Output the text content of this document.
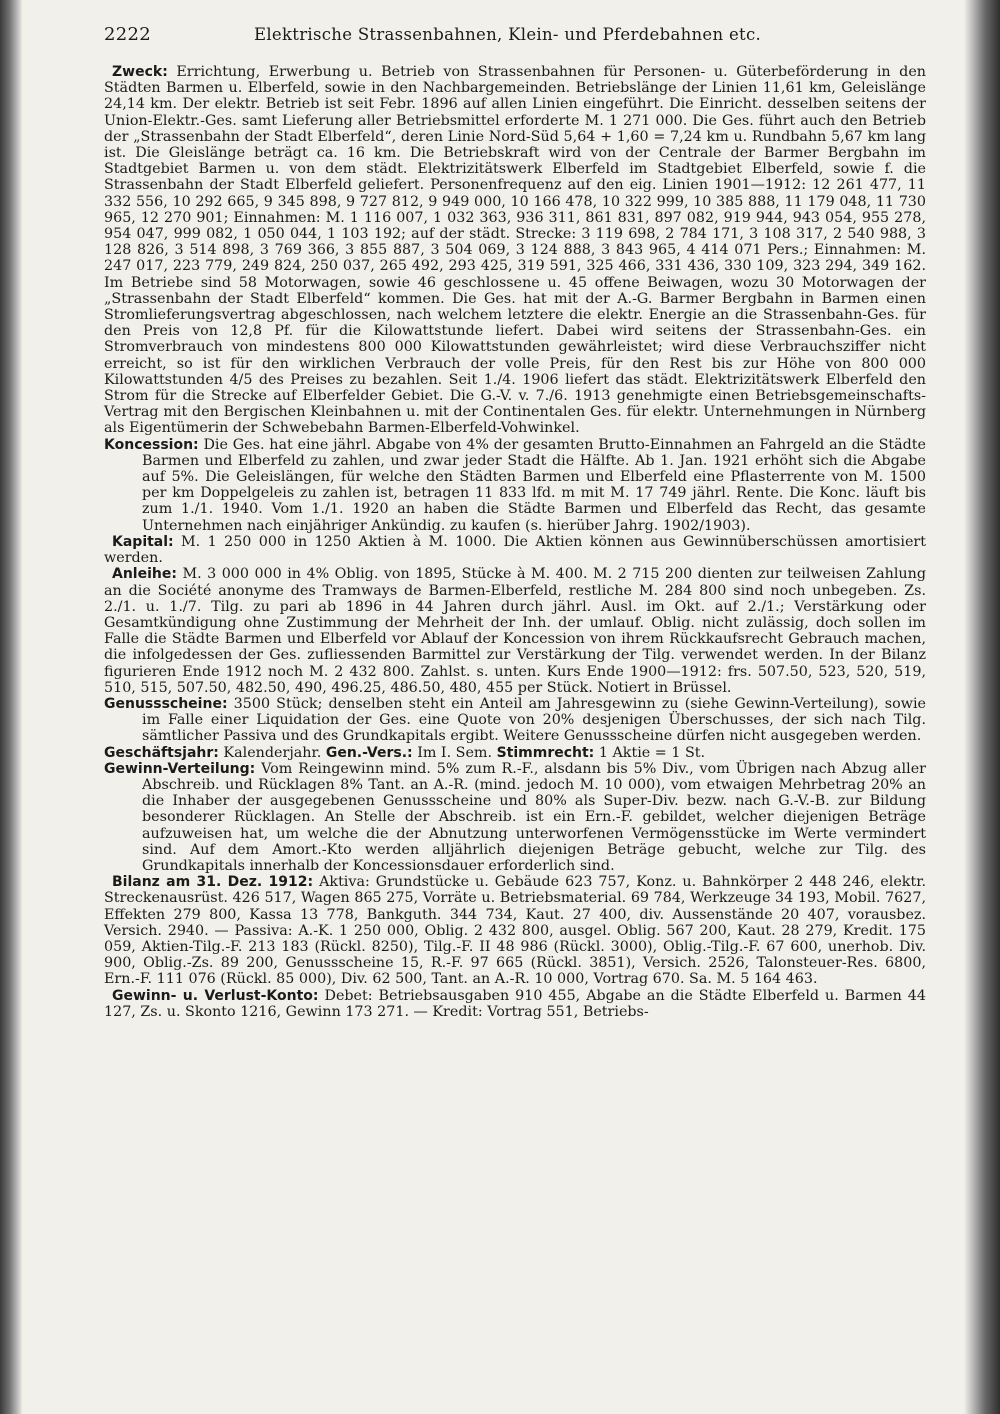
2222	Elektrische Strassenbahnen, Klein- und Pferdebahnen etc.

Zweck: Errichtung, Erwerbung u. Betrieb von Strassenbahnen für Personen- u. Güterbeförderung in den Städten Barmen u. Elberfeld, sowie in den Nachbargemeinden. Betriebslänge der Linien 11,61 km, Geleislänge 24,14 km. Der elektr. Betrieb ist seit Febr. 1896 auf allen Linien eingeführt. Die Einricht. desselben seitens der Union-Elektr.-Ges. samt Lieferung aller Betriebsmittel erforderte M. 1 271 000. Die Ges. führt auch den Betrieb der „Strassenbahn der Stadt Elberfeld“, deren Linie Nord-Süd 5,64 + 1,60 = 7,24 km u. Rundbahn 5,67 km lang ist. Die Gleislänge beträgt ca. 16 km. Die Betriebskraft wird von der Centrale der Barmer Bergbahn im Stadtgebiet Barmen u. von dem städt. Elektrizitätswerk Elberfeld im Stadtgebiet Elberfeld, sowie f. die Strassenbahn der Stadt Elberfeld geliefert. Personenfrequenz auf den eig. Linien 1901—1912: 12 261 477, 11 332 556, 10 292 665, 9 345 898, 9 727 812, 9 949 000, 10 166 478, 10 322 999, 10 385 888, 11 179 048, 11 730 965, 12 270 901; Einnahmen: M. 1 116 007, 1 032 363, 936 311, 861 831, 897 082, 919 944, 943 054, 955 278, 954 047, 999 082, 1 050 044, 1 103 192; auf der städt. Strecke: 3 119 698, 2 784 171, 3 108 317, 2 540 988, 3 128 826, 3 514 898, 3 769 366, 3 855 887, 3 504 069, 3 124 888, 3 843 965, 4 414 071 Pers.; Einnahmen: M. 247 017, 223 779, 249 824, 250 037, 265 492, 293 425, 319 591, 325 466, 331 436, 330 109, 323 294, 349 162. Im Betriebe sind 58 Motorwagen, sowie 46 geschlossene u. 45 offene Beiwagen, wozu 30 Motorwagen der „Strassenbahn der Stadt Elberfeld“ kommen. Die Ges. hat mit der A.-G. Barmer Bergbahn in Barmen einen Stromlieferungsvertrag abgeschlossen, nach welchem letztere die elektr. Energie an die Strassenbahn-Ges. für den Preis von 12,8 Pf. für die Kilowattstunde liefert. Dabei wird seitens der Strassenbahn-Ges. ein Stromverbrauch von mindestens 800 000 Kilowattstunden gewährleistet; wird diese Verbrauchsziffer nicht erreicht, so ist für den wirklichen Verbrauch der volle Preis, für den Rest bis zur Höhe von 800 000 Kilowattstunden 4/5 des Preises zu bezahlen. Seit 1./4. 1906 liefert das städt. Elektrizitätswerk Elberfeld den Strom für die Strecke auf Elberfelder Gebiet. Die G.-V. v. 7./6. 1913 genehmigte einen Betriebsgemeinschafts-Vertrag mit den Bergischen Kleinbahnen u. mit der Continentalen Ges. für elektr. Unternehmungen in Nürnberg als Eigentümerin der Schwebebahn Barmen-Elberfeld-Vohwinkel.

Koncession: Die Ges. hat eine jährl. Abgabe von 4% der gesamten Brutto-Einnahmen an Fahrgeld an die Städte Barmen und Elberfeld zu zahlen, und zwar jeder Stadt die Hälfte. Ab 1. Jan. 1921 erhöht sich die Abgabe auf 5%. Die Geleislängen, für welche den Städten Barmen und Elberfeld eine Pflasterrente von M. 1500 per km Doppelgeleis zu zahlen ist, betragen 11 833 lfd. m mit M. 17 749 jährl. Rente. Die Konc. läuft bis zum 1./1. 1940. Vom 1./1. 1920 an haben die Städte Barmen und Elberfeld das Recht, das gesamte Unternehmen nach einjähriger Ankündig. zu kaufen (s. hierüber Jahrg. 1902/1903).

Kapital: M. 1 250 000 in 1250 Aktien à M. 1000. Die Aktien können aus Gewinnüberschüssen amortisiert werden.

Anleihe: M. 3 000 000 in 4% Oblig. von 1895, Stücke à M. 400. M. 2 715 200 dienten zur teilweisen Zahlung an die Société anonyme des Tramways de Barmen-Elberfeld, restliche M. 284 800 sind noch unbegeben. Zs. 2./1. u. 1./7. Tilg. zu pari ab 1896 in 44 Jahren durch jährl. Ausl. im Okt. auf 2./1.; Verstärkung oder Gesamtkündigung ohne Zustimmung der Mehrheit der Inh. der umlauf. Oblig. nicht zulässig, doch sollen im Falle die Städte Barmen und Elberfeld vor Ablauf der Koncession von ihrem Rückkaufsrecht Gebrauch machen, die infolgedessen der Ges. zufliessenden Barmittel zur Verstärkung der Tilg. verwendet werden. In der Bilanz figurieren Ende 1912 noch M. 2 432 800. Zahlst. s. unten. Kurs Ende 1900—1912: frs. 507.50, 523, 520, 519, 510, 515, 507.50, 482.50, 490, 496.25, 486.50, 480, 455 per Stück. Notiert in Brüssel.

Genussscheine: 3500 Stück; denselben steht ein Anteil am Jahresgewinn zu (siehe Gewinn-Verteilung), sowie im Falle einer Liquidation der Ges. eine Quote von 20% desjenigen Überschusses, der sich nach Tilg. sämtlicher Passiva und des Grundkapitals ergibt. Weitere Genussscheine dürfen nicht ausgegeben werden.

Geschäftsjahr: Kalenderjahr. Gen.-Vers.: Im I. Sem. Stimmrecht: 1 Aktie = 1 St.

Gewinn-Verteilung: Vom Reingewinn mind. 5% zum R.-F., alsdann bis 5% Div., vom Übrigen nach Abzug aller Abschreib. und Rücklagen 8% Tant. an A.-R. (mind. jedoch M. 10 000), vom etwaigen Mehrbetrag 20% an die Inhaber der ausgegebenen Genussscheine und 80% als Super-Div. bezw. nach G.-V.-B. zur Bildung besonderer Rücklagen. An Stelle der Abschreib. ist ein Ern.-F. gebildet, welcher diejenigen Beträge aufzuweisen hat, um welche die der Abnutzung unterworfenen Vermögensstücke im Werte vermindert sind. Auf dem Amort.-Kto werden alljährlich diejenigen Beträge gebucht, welche zur Tilg. des Grundkapitals innerhalb der Koncessionsdauer erforderlich sind.

Bilanz am 31. Dez. 1912: Aktiva: Grundstücke u. Gebäude 623 757, Konz. u. Bahnkörper 2 448 246, elektr. Streckenausrüst. 426 517, Wagen 865 275, Vorräte u. Betriebsmaterial. 69 784, Werkzeuge 34 193, Mobil. 7627, Effekten 279 800, Kassa 13 778, Bankguth. 344 734, Kaut. 27 400, div. Aussenstände 20 407, vorausbez. Versich. 2940. — Passiva: A.-K. 1 250 000, Oblig. 2 432 800, ausgel. Oblig. 567 200, Kaut. 28 279, Kredit. 175 059, Aktien-Tilg.-F. 213 183 (Rückl. 8250), Tilg.-F. II 48 986 (Rückl. 3000), Oblig.-Tilg.-F. 67 600, unerhob. Div. 900, Oblig.-Zs. 89 200, Genussscheine 15, R.-F. 97 665 (Rückl. 3851), Versich. 2526, Talonsteuer-Res. 6800, Ern.-F. 111 076 (Rückl. 85 000), Div. 62 500, Tant. an A.-R. 10 000, Vortrag 670. Sa. M. 5 164 463.

Gewinn- u. Verlust-Konto: Debet: Betriebsausgaben 910 455, Abgabe an die Städte Elberfeld u. Barmen 44 127, Zs. u. Skonto 1216, Gewinn 173 271. — Kredit: Vortrag 551, Betriebs-
